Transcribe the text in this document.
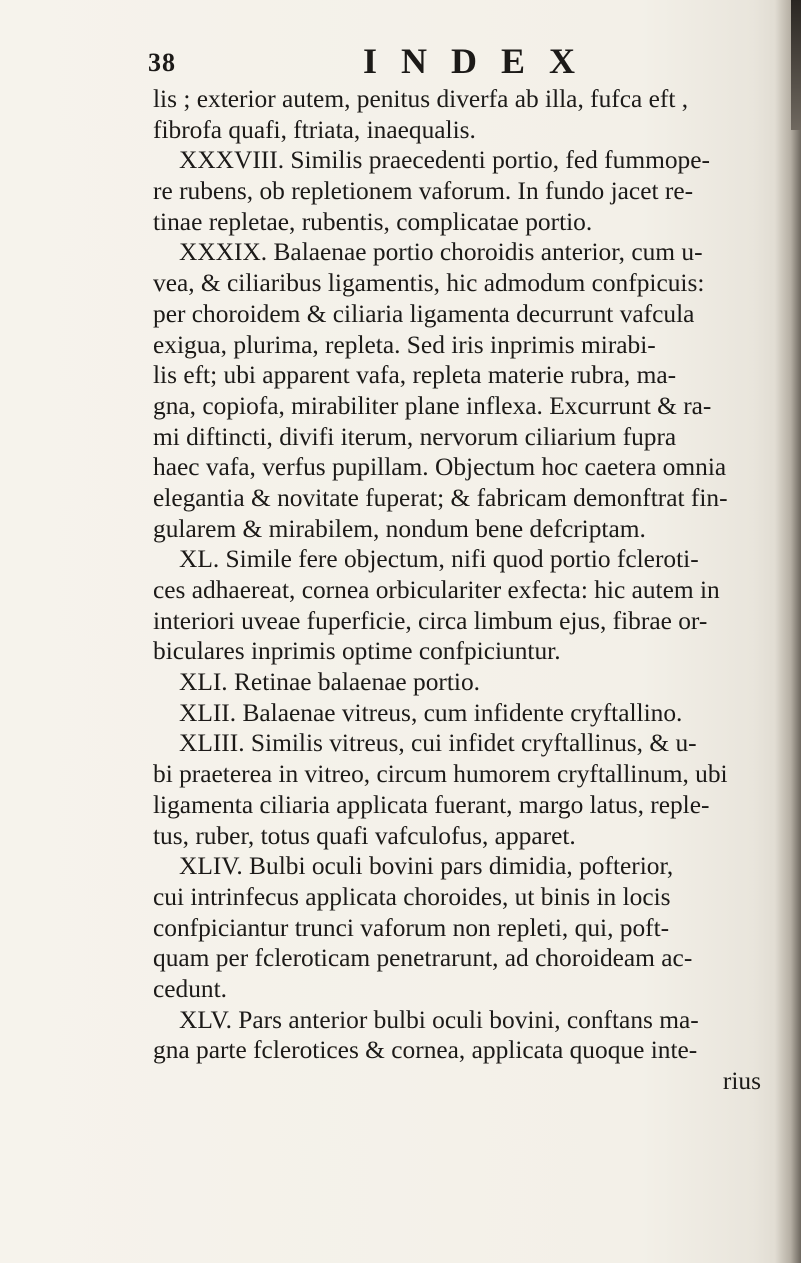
38	INDEX
lis ; exterior autem, penitus diverfa ab illa, fufca eft ,
fibrofa quafi, ftriata, inaequalis.
XXXVIII. Similis praecedenti portio, fed fummope-
re rubens, ob repletionem vaforum. In fundo jacet re-
tinae repletae, rubentis, complicatae portio.
XXXIX. Balaenae portio choroidis anterior, cum u-
vea, & ciliaribus ligamentis, hic admodum confpicuis:
per choroidem & ciliaria ligamenta decurrunt vafcula
exigua, plurima, repleta. Sed iris inprimis mirabi-
lis eft; ubi apparent vafa, repleta materie rubra, ma-
gna, copiofa, mirabiliter plane inflexa. Excurrunt & ra-
mi diftincti, divifi iterum, nervorum ciliarium fupra
haec vafa, verfus pupillam. Objectum hoc caetera omnia
elegantia & novitate fuperat; & fabricam demonftrat fin-
gularem & mirabilem, nondum bene defcriptam.
XL. Simile fere objectum, nifi quod portio fcleroti-
ces adhaereat, cornea orbiculariter exfecta: hic autem in
interiori uveae fuperficie, circa limbum ejus, fibrae or-
biculares inprimis optime confpiciuntur.
XLI. Retinae balaenae portio.
XLII. Balaenae vitreus, cum infidente cryftallino.
XLIII. Similis vitreus, cui infidet cryftallinus, & u-
bi praeterea in vitreo, circum humorem cryftallinum, ubi
ligamenta ciliaria applicata fuerant, margo latus, reple-
tus, ruber, totus quafi vafculofus, apparet.
XLIV. Bulbi oculi bovini pars dimidia, pofterior,
cui intrinfecus applicata choroides, ut binis in locis
confpiciantur trunci vaforum non repleti, qui, poft-
quam per fcleroticam penetrarunt, ad choroideam ac-
cedunt.
XLV. Pars anterior bulbi oculi bovini, conftans ma-
gna parte fclerotices & cornea, applicata quoque inte-
rius
